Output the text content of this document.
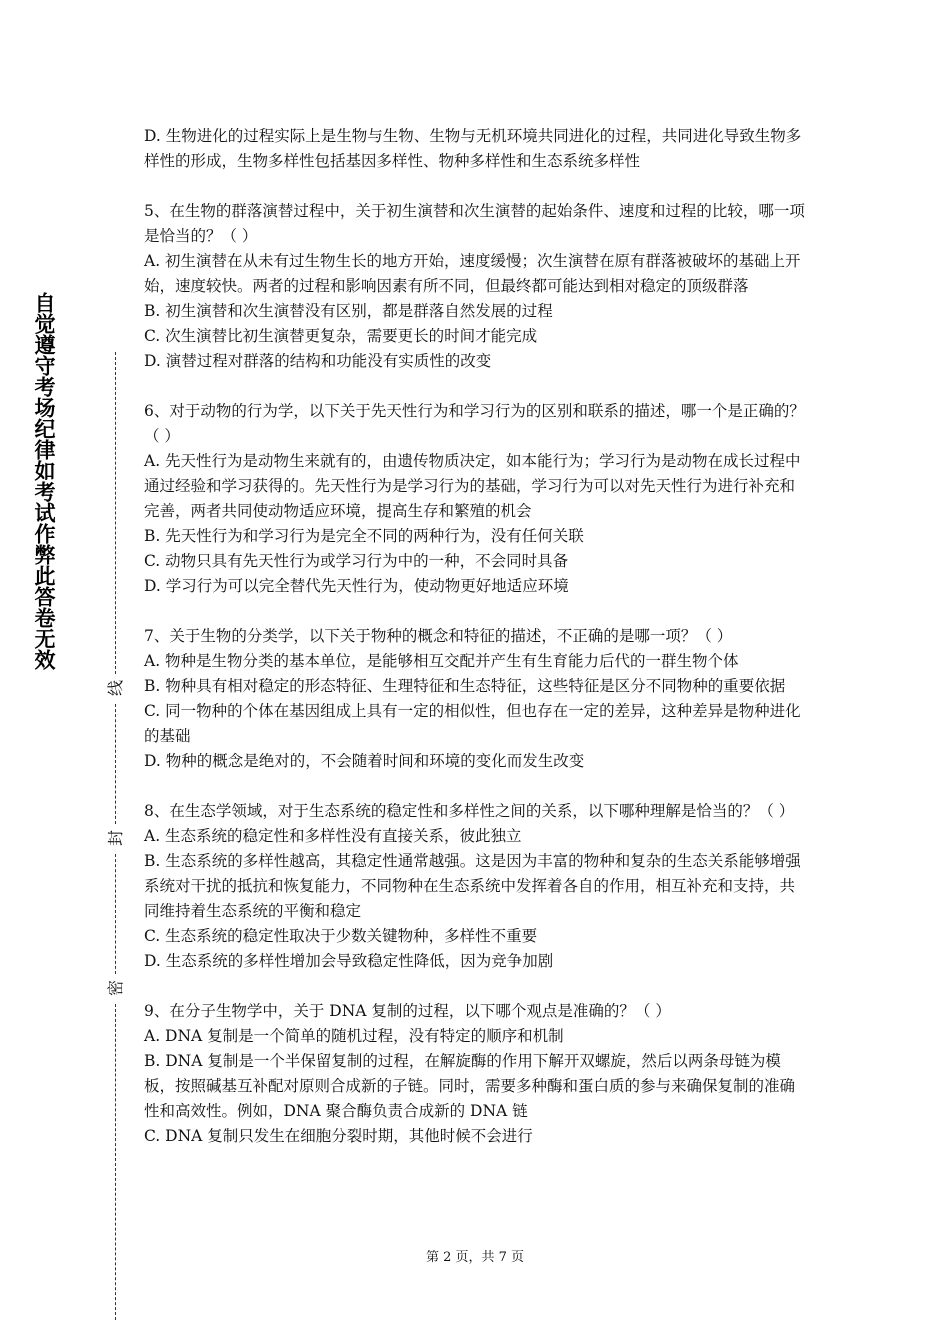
自觉遵守考场纪律如考试作弊此答卷无效
线
封
密

D. 生物进化的过程实际上是生物与生物、生物与无机环境共同进化的过程，共同进化导致生物多样性的形成，生物多样性包括基因多样性、物种多样性和生态系统多样性

5、在生物的群落演替过程中，关于初生演替和次生演替的起始条件、速度和过程的比较，哪一项是恰当的？（ ）

A. 初生演替在从未有过生物生长的地方开始，速度缓慢；次生演替在原有群落被破坏的基础上开始，速度较快。两者的过程和影响因素有所不同，但最终都可能达到相对稳定的顶级群落

B. 初生演替和次生演替没有区别，都是群落自然发展的过程

C. 次生演替比初生演替更复杂，需要更长的时间才能完成

D. 演替过程对群落的结构和功能没有实质性的改变

6、对于动物的行为学，以下关于先天性行为和学习行为的区别和联系的描述，哪一个是正确的？（ ）

A. 先天性行为是动物生来就有的，由遗传物质决定，如本能行为；学习行为是动物在成长过程中通过经验和学习获得的。先天性行为是学习行为的基础，学习行为可以对先天性行为进行补充和完善，两者共同使动物适应环境，提高生存和繁殖的机会

B. 先天性行为和学习行为是完全不同的两种行为，没有任何关联

C. 动物只具有先天性行为或学习行为中的一种，不会同时具备

D. 学习行为可以完全替代先天性行为，使动物更好地适应环境

7、关于生物的分类学，以下关于物种的概念和特征的描述，不正确的是哪一项？（ ）

A. 物种是生物分类的基本单位，是能够相互交配并产生有生育能力后代的一群生物个体

B. 物种具有相对稳定的形态特征、生理特征和生态特征，这些特征是区分不同物种的重要依据

C. 同一物种的个体在基因组成上具有一定的相似性，但也存在一定的差异，这种差异是物种进化的基础

D. 物种的概念是绝对的，不会随着时间和环境的变化而发生改变

8、在生态学领域，对于生态系统的稳定性和多样性之间的关系，以下哪种理解是恰当的？（ ）

A. 生态系统的稳定性和多样性没有直接关系，彼此独立

B. 生态系统的多样性越高，其稳定性通常越强。这是因为丰富的物种和复杂的生态关系能够增强系统对干扰的抵抗和恢复能力，不同物种在生态系统中发挥着各自的作用，相互补充和支持，共同维持着生态系统的平衡和稳定

C. 生态系统的稳定性取决于少数关键物种，多样性不重要

D. 生态系统的多样性增加会导致稳定性降低，因为竞争加剧

9、在分子生物学中，关于 DNA 复制的过程，以下哪个观点是准确的？（ ）

A. DNA 复制是一个简单的随机过程，没有特定的顺序和机制

B. DNA 复制是一个半保留复制的过程，在解旋酶的作用下解开双螺旋，然后以两条母链为模板，按照碱基互补配对原则合成新的子链。同时，需要多种酶和蛋白质的参与来确保复制的准确性和高效性。例如，DNA 聚合酶负责合成新的 DNA 链

C. DNA 复制只发生在细胞分裂时期，其他时候不会进行

第 2 页，共 7 页
